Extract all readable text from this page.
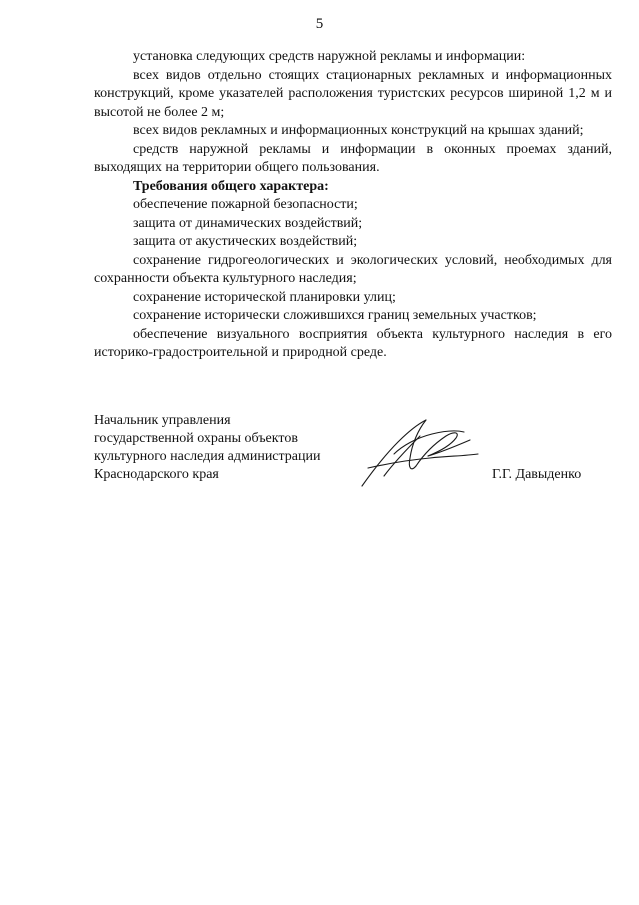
5

установка следующих средств наружной рекламы и информации:

всех видов отдельно стоящих стационарных рекламных и информационных конструкций, кроме указателей расположения туристских ресурсов шириной 1,2 м и высотой не более 2 м;

всех видов рекламных и информационных конструкций на крышах зданий;

средств наружной рекламы и информации в оконных проемах зданий, выходящих на территории общего пользования.

Требования общего характера:

обеспечение пожарной безопасности;

защита от динамических воздействий;

защита от акустических воздействий;

сохранение гидрогеологических и экологических условий, необходимых для сохранности объекта культурного наследия;

сохранение исторической планировки улиц;

сохранение исторически сложившихся границ земельных участков;

обеспечение визуального восприятия объекта культурного наследия в его историко-градостроительной и природной среде.

Начальник управления
государственной охраны объектов
культурного наследия администрации
Краснодарского края	Г.Г. Давыденко
